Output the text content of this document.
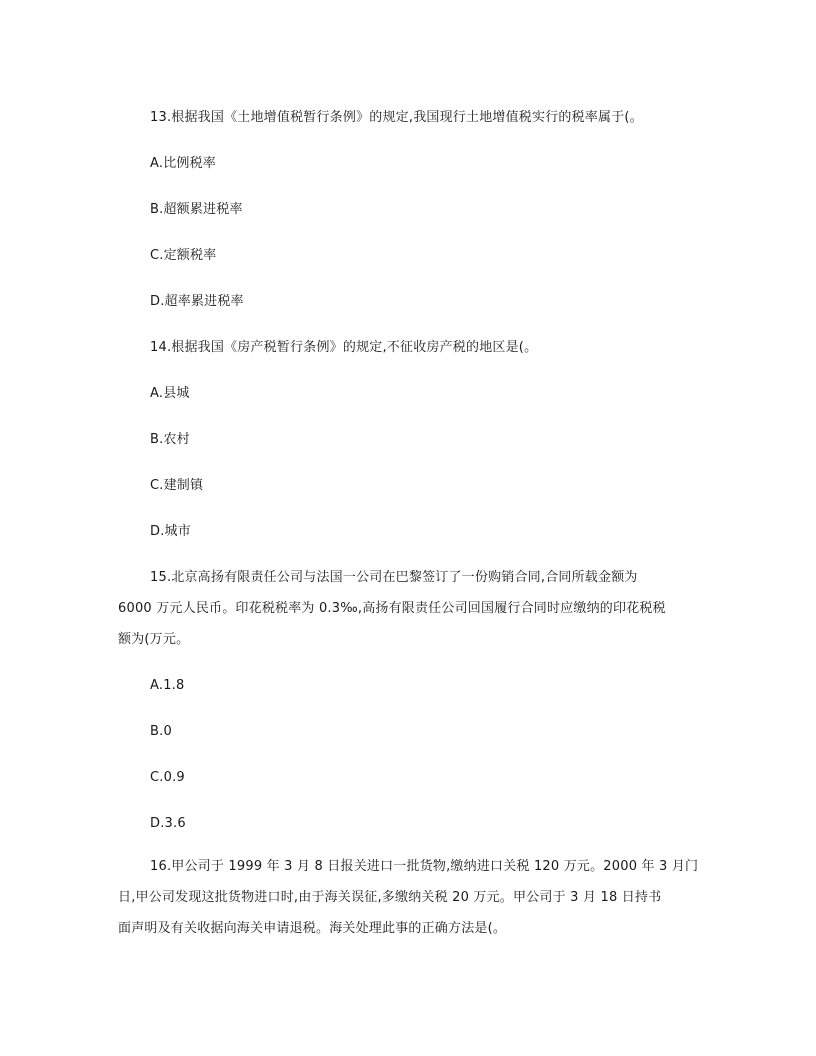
13.根据我国《土地增值税暂行条例》的规定,我国现行土地增值税实行的税率属于(。
A.比例税率
B.超额累进税率
C.定额税率
D.超率累进税率
14.根据我国《房产税暂行条例》的规定,不征收房产税的地区是(。
A.县城
B.农村
C.建制镇
D.城市
15.北京高扬有限责任公司与法国一公司在巴黎签订了一份购销合同,合同所载金额为
6000 万元人民币。印花税税率为 0.3‰,高扬有限责任公司回国履行合同时应缴纳的印花税税
额为(万元。
A.1.8
B.0
C.0.9
D.3.6
16.甲公司于 1999 年 3 月 8 日报关进口一批货物,缴纳进口关税 120 万元。2000 年 3 月门
日,甲公司发现这批货物进口时,由于海关误征,多缴纳关税 20 万元。甲公司于 3 月 18 日持书
面声明及有关收据向海关申请退税。海关处理此事的正确方法是(。
